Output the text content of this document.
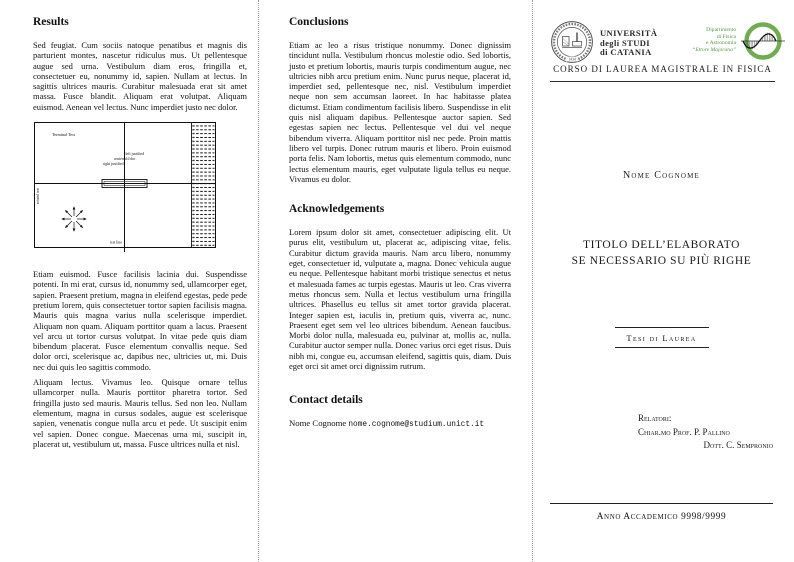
Results

Sed feugiat. Cum sociis natoque penatibus et magnis dis parturient montes, nascetur ridiculus mus. Ut pellentesque augue sed urna. Vestibulum diam eros, fringilla et, consectetuer eu, nonummy id, sapien. Nullam at lectus. In sagittis ultrices mauris. Curabitur malesuada erat sit amet massa. Fusce blandit. Aliquam erat volutpat. Aliquam euismod. Aenean vel lectus. Nunc imperdiet justo nec dolor.

Terminal Test
left justified
centered d dot
right justified
test line
rotated text

Etiam euismod. Fusce facilisis lacinia dui. Suspendisse potenti. In mi erat, cursus id, nonummy sed, ullamcorper eget, sapien. Praesent pretium, magna in eleifend egestas, pede pede pretium lorem, quis consectetuer tortor sapien facilisis magna. Mauris quis magna varius nulla scelerisque imperdiet. Aliquam non quam. Aliquam porttitor quam a lacus. Praesent vel arcu ut tortor cursus volutpat. In vitae pede quis diam bibendum placerat. Fusce elementum convallis neque. Sed dolor orci, scelerisque ac, dapibus nec, ultricies ut, mi. Duis nec dui quis leo sagittis commodo.

Aliquam lectus. Vivamus leo. Quisque ornare tellus ullamcorper nulla. Mauris porttitor pharetra tortor. Sed fringilla justo sed mauris. Mauris tellus. Sed non leo. Nullam elementum, magna in cursus sodales, augue est scelerisque sapien, venenatis congue nulla arcu et pede. Ut suscipit enim vel sapien. Donec congue. Maecenas urna mi, suscipit in, placerat ut, vestibulum ut, massa. Fusce ultrices nulla et nisl.

Conclusions

Etiam ac leo a risus tristique nonummy. Donec dignissim tincidunt nulla. Vestibulum rhoncus molestie odio. Sed lobortis, justo et pretium lobortis, mauris turpis condimentum augue, nec ultricies nibh arcu pretium enim. Nunc purus neque, placerat id, imperdiet sed, pellentesque nec, nisl. Vestibulum imperdiet neque non sem accumsan laoreet. In hac habitasse platea dictumst. Etiam condimentum facilisis libero. Suspendisse in elit quis nisl aliquam dapibus. Pellentesque auctor sapien. Sed egestas sapien nec lectus. Pellentesque vel dui vel neque bibendum viverra. Aliquam porttitor nisl nec pede. Proin mattis libero vel turpis. Donec rutrum mauris et libero. Proin euismod porta felis. Nam lobortis, metus quis elementum commodo, nunc lectus elementum mauris, eget vulputate ligula tellus eu neque. Vivamus eu dolor.

Acknowledgements

Lorem ipsum dolor sit amet, consectetuer adipiscing elit. Ut purus elit, vestibulum ut, placerat ac, adipiscing vitae, felis. Curabitur dictum gravida mauris. Nam arcu libero, nonummy eget, consectetuer id, vulputate a, magna. Donec vehicula augue eu neque. Pellentesque habitant morbi tristique senectus et netus et malesuada fames ac turpis egestas. Mauris ut leo. Cras viverra metus rhoncus sem. Nulla et lectus vestibulum urna fringilla ultrices. Phasellus eu tellus sit amet tortor gravida placerat. Integer sapien est, iaculis in, pretium quis, viverra ac, nunc. Praesent eget sem vel leo ultrices bibendum. Aenean faucibus. Morbi dolor nulla, malesuada eu, pulvinar at, mollis ac, nulla. Curabitur auctor semper nulla. Donec varius orci eget risus. Duis nibh mi, congue eu, accumsan eleifend, sagittis quis, diam. Duis eget orci sit amet orci dignissim rutrum.

Contact details

Nome Cognome nome.cognome@studium.unict.it

1434
UNIVERSITÀ
degli STUDI
di CATANIA
Dipartimento
di Fisica
e Astronomia
“Ettore Majorana”
CORSO DI LAUREA MAGISTRALE IN FISICA
Nome Cognome
TITOLO DELL’ELABORATO
SE NECESSARIO SU PIÙ RIGHE
Tesi di Laurea
Relatori:
Chiar.mo Prof. P. Pallino
Dott. C. Sempronio
Anno Accademico 9998/9999
